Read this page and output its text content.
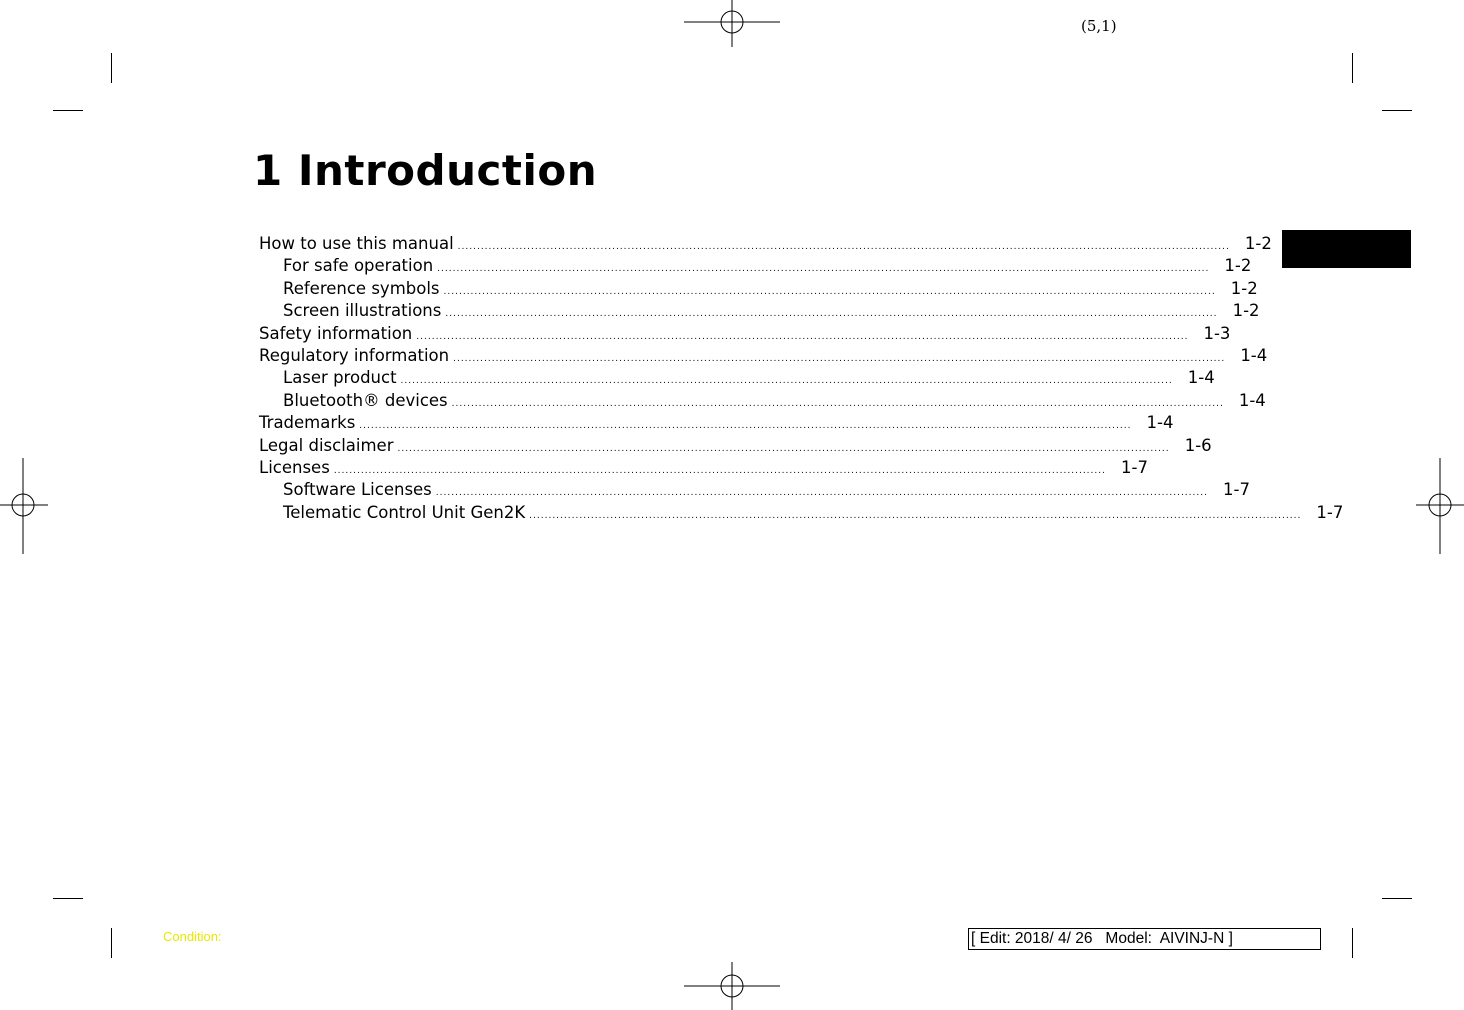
(5,1)
1 Introduction
How to use this manual ........................................................................................................................................................................................................ 1-2
For safe operation ........................................................................................................................................................................................................ 1-2
Reference symbols ........................................................................................................................................................................................................ 1-2
Screen illustrations ........................................................................................................................................................................................................ 1-2
Safety information ........................................................................................................................................................................................................ 1-3
Regulatory information ........................................................................................................................................................................................................ 1-4
Laser product ........................................................................................................................................................................................................ 1-4
Bluetooth® devices ........................................................................................................................................................................................................ 1-4
Trademarks ........................................................................................................................................................................................................ 1-4
Legal disclaimer ........................................................................................................................................................................................................ 1-6
Licenses ........................................................................................................................................................................................................ 1-7
Software Licenses ........................................................................................................................................................................................................ 1-7
Telematic Control Unit Gen2K ........................................................................................................................................................................................................ 1-7
Condition:	[ Edit: 2018/ 4/ 26   Model:  AIVINJ-N ]
